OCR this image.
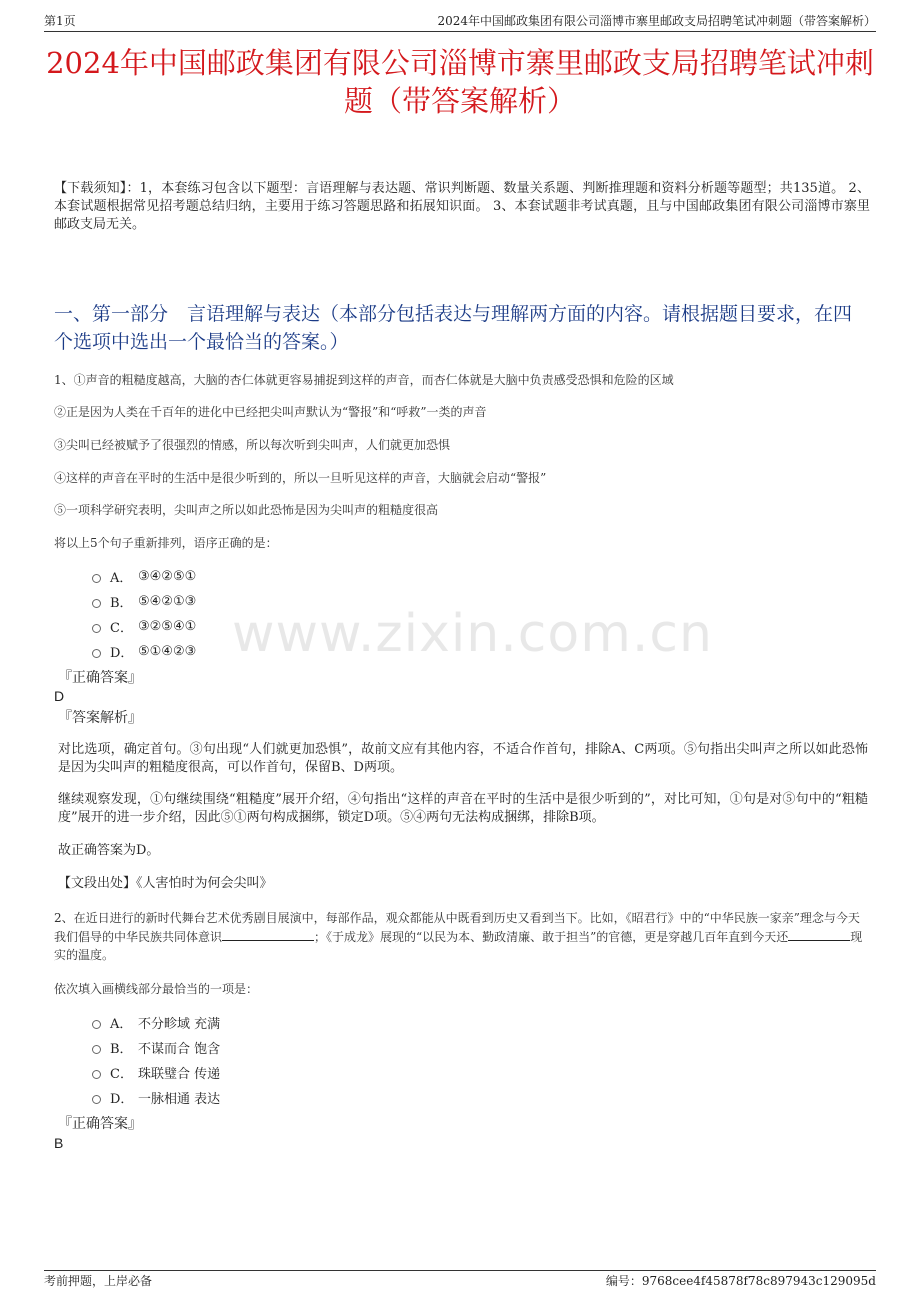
第1页	2024年中国邮政集团有限公司淄博市寨里邮政支局招聘笔试冲刺题（带答案解析）
2024年中国邮政集团有限公司淄博市寨里邮政支局招聘笔试冲刺题（带答案解析）
【下载须知】：1，本套练习包含以下题型：言语理解与表达题、常识判断题、数量关系题、判断推理题和资料分析题等题型；共135道。 2、本套试题根据常见招考题总结归纳，主要用于练习答题思路和拓展知识面。 3、本套试题非考试真题，且与中国邮政集团有限公司淄博市寨里邮政支局无关。
一、第一部分　言语理解与表达（本部分包括表达与理解两方面的内容。请根据题目要求，在四个选项中选出一个最恰当的答案。）
1、①声音的粗糙度越高，大脑的杏仁体就更容易捕捉到这样的声音，而杏仁体就是大脑中负责感受恐惧和危险的区域
②正是因为人类在千百年的进化中已经把尖叫声默认为“警报”和“呼救”一类的声音
③尖叫已经被赋予了很强烈的情感，所以每次听到尖叫声，人们就更加恐惧
④这样的声音在平时的生活中是很少听到的，所以一旦听见这样的声音，大脑就会启动“警报”
⑤一项科学研究表明，尖叫声之所以如此恐怖是因为尖叫声的粗糙度很高
将以上5个句子重新排列，语序正确的是：
A． ③④②⑤①
B． ⑤④②①③
C． ③②⑤④①
D． ⑤①④②③ www.zixin.com.cn
『正确答案』
D
『答案解析』
对比选项，确定首句。③句出现“人们就更加恐惧”，故前文应有其他内容，不适合作首句，排除A、C两项。⑤句指出尖叫声之所以如此恐怖是因为尖叫声的粗糙度很高，可以作首句，保留B、D两项。
继续观察发现，①句继续围绕“粗糙度”展开介绍，④句指出“这样的声音在平时的生活中是很少听到的”，对比可知，①句是对⑤句中的“粗糙度”展开的进一步介绍，因此⑤①两句构成捆绑，锁定D项。⑤④两句无法构成捆绑，排除B项。
故正确答案为D。
【文段出处】《人害怕时为何会尖叫》
2、在近日进行的新时代舞台艺术优秀剧目展演中，每部作品，观众都能从中既看到历史又看到当下。比如，《昭君行》中的“中华民族一家亲”理念与今天我们倡导的中华民族共同体意识	；《于成龙》展现的“以民为本、勤政清廉、敢于担当”的官德，更是穿越几百年直到今天还	现实的温度。
依次填入画横线部分最恰当的一项是：
A． 不分畛域 充满
B． 不谋而合 饱含
C． 珠联璧合 传递
D． 一脉相通 表达
『正确答案』
B
考前押题，上岸必备	编号：9768cee4f45878f78c897943c129095d
